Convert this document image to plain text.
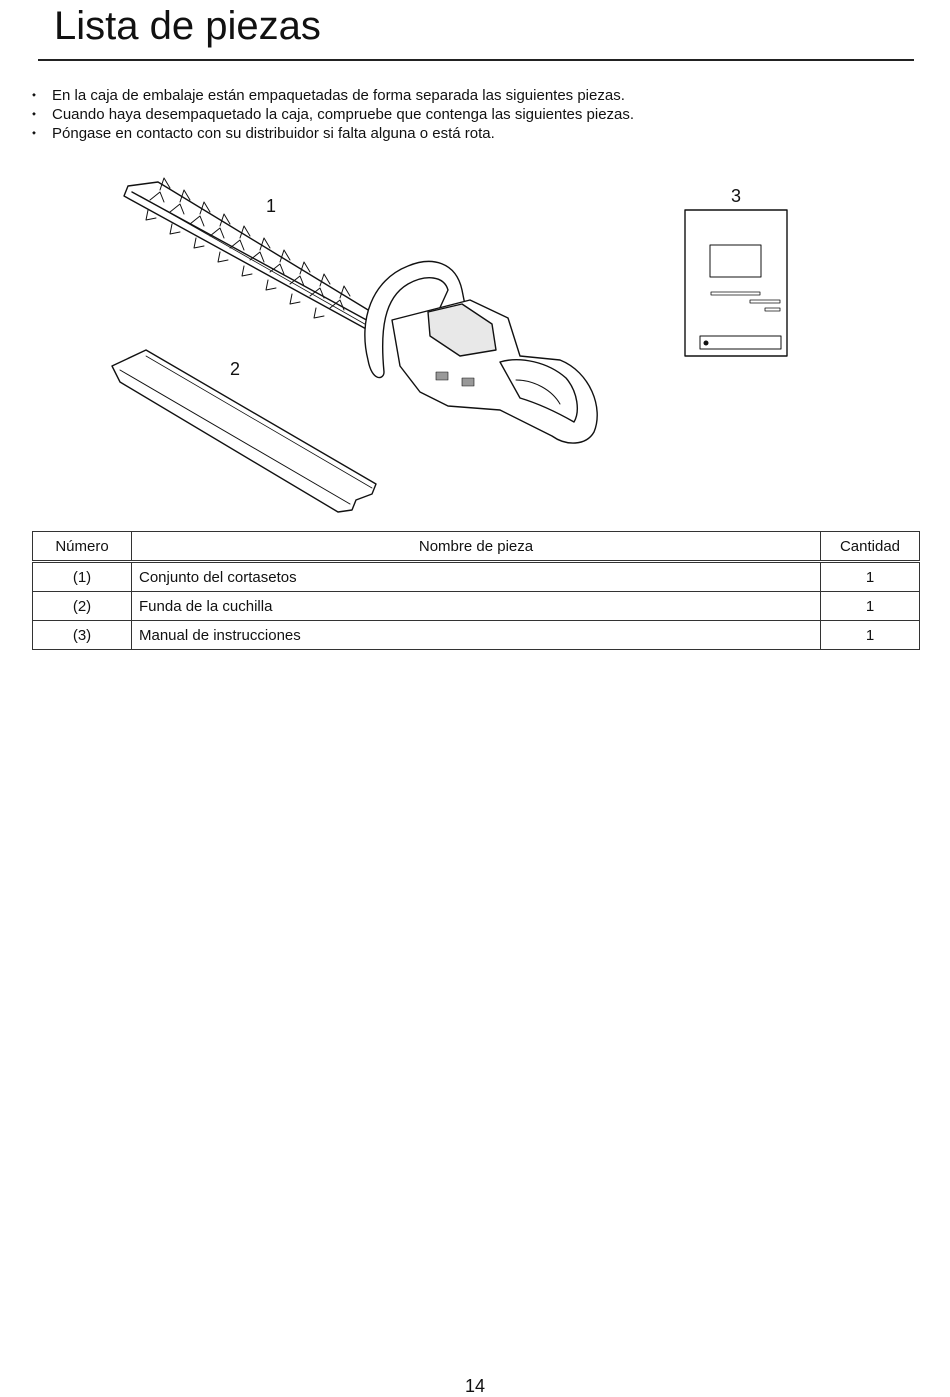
Lista de piezas
⬩ En la caja de embalaje están empaquetadas de forma separada las siguientes piezas.
⬩ Cuando haya desempaquetado la caja, compruebe que contenga las siguientes piezas.
⬩ Póngase en contacto con su distribuidor si falta alguna o está rota.
1
2
3
Número	Nombre de pieza	Cantidad
(1)	Conjunto del cortasetos	1
(2)	Funda de la cuchilla	1
(3)	Manual de instrucciones	1
14
